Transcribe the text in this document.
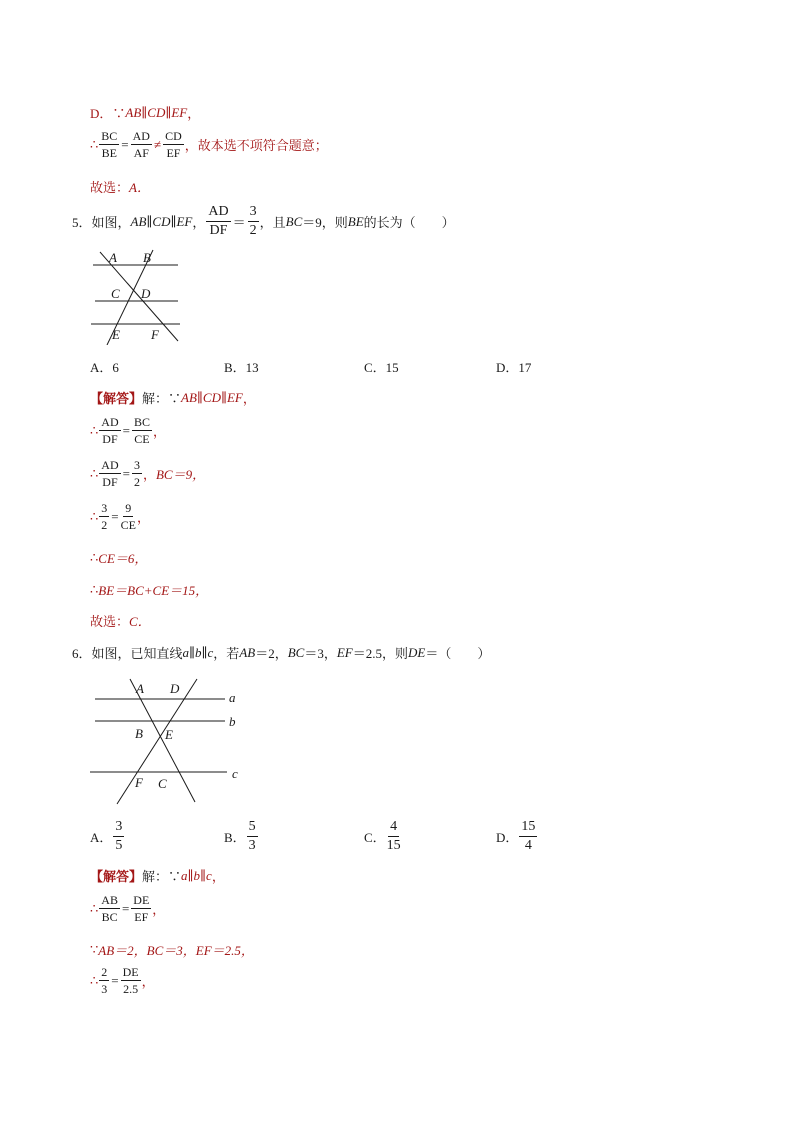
D．∵ AB∥CD∥EF ，
∴ $\frac{BC}{BE} = \frac{AD}{AF} \ne \frac{CD}{EF}$ ，故本选不项符合题意；
故选： A．
5．如图， AB∥CD∥EF ， $\frac{AD}{DF} = \frac{3}{2}$ ，且 BC ＝9，则 BE 的长为（　　）
A B
C D
E F
A．6	B．13	C．15	D．17
【解答】 解：∵ AB∥CD∥EF ，
∴ $\frac{AD}{DF} = \frac{BC}{CE}$ ，
∴ $\frac{AD}{DF} = \frac{3}{2}$ ， BC＝9，
∴ $\frac{3}{2} = \frac{9}{CE}$ ，
∴ CE＝6，
∴ BE＝BC+CE＝15，
故选： C．
6．如图，已知直线 a∥b∥c ，若 AB ＝2， BC ＝3， EF ＝2.5，则 DE ＝（　　）
A D
a
b
B E
c
F C
A． $\frac{3}{5}$	B． $\frac{5}{3}$	C． $\frac{4}{15}$	D． $\frac{15}{4}$
【解答】 解：∵ a∥b∥c ，
∴ $\frac{AB}{BC} = \frac{DE}{EF}$ ，
∵ AB＝2，BC＝3，EF＝2.5，
∴ $\frac{2}{3} = \frac{DE}{2.5}$ ，
